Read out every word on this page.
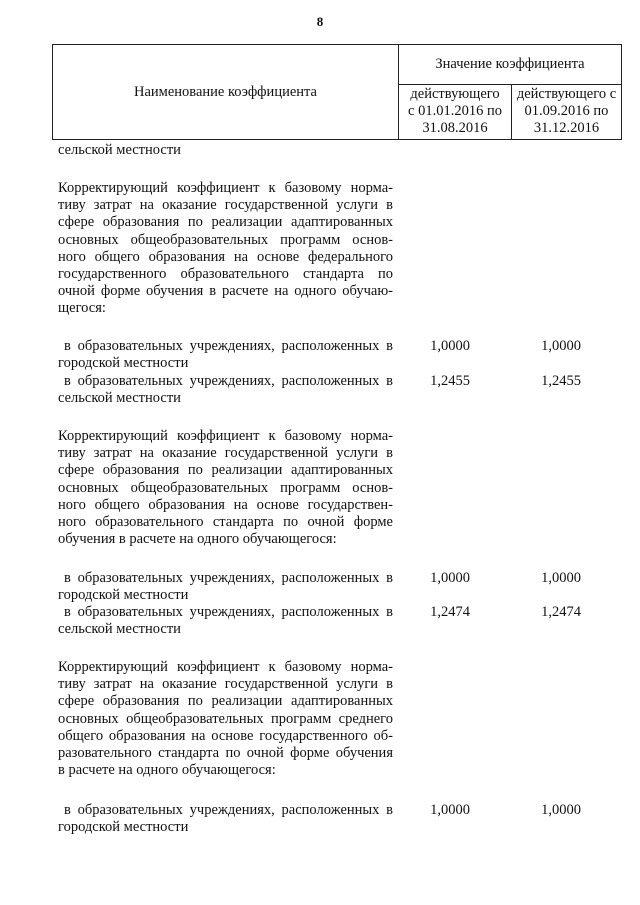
8
Наименование коэффициента
Значение коэффициента
действующего
с 01.01.2016 по
31.08.2016
действующего с
01.09.2016 по
31.12.2016
сельской местности
Корректирующий коэффициент к базовому норма-
тиву затрат на оказание государственной услуги в
сфере образования по реализации адаптированных
основных общеобразовательных программ основ-
ного общего образования на основе федерального
государственного образовательного стандарта по
очной форме обучения в расчете на одного обучаю-
щегося:
в образовательных учреждениях, расположенных в
городской местности
1,0000	1,0000
в образовательных учреждениях, расположенных в
сельской местности
1,2455	1,2455
Корректирующий коэффициент к базовому норма-
тиву затрат на оказание государственной услуги в
сфере образования по реализации адаптированных
основных общеобразовательных программ основ-
ного общего образования на основе государствен-
ного образовательного стандарта по очной форме
обучения в расчете на одного обучающегося:
в образовательных учреждениях, расположенных в
городской местности
1,0000	1,0000
в образовательных учреждениях, расположенных в
сельской местности
1,2474	1,2474
Корректирующий коэффициент к базовому норма-
тиву затрат на оказание государственной услуги в
сфере образования по реализации адаптированных
основных общеобразовательных программ среднего
общего образования на основе государственного об-
разовательного стандарта по очной форме обучения
в расчете на одного обучающегося:
в образовательных учреждениях, расположенных в
городской местности
1,0000	1,0000
